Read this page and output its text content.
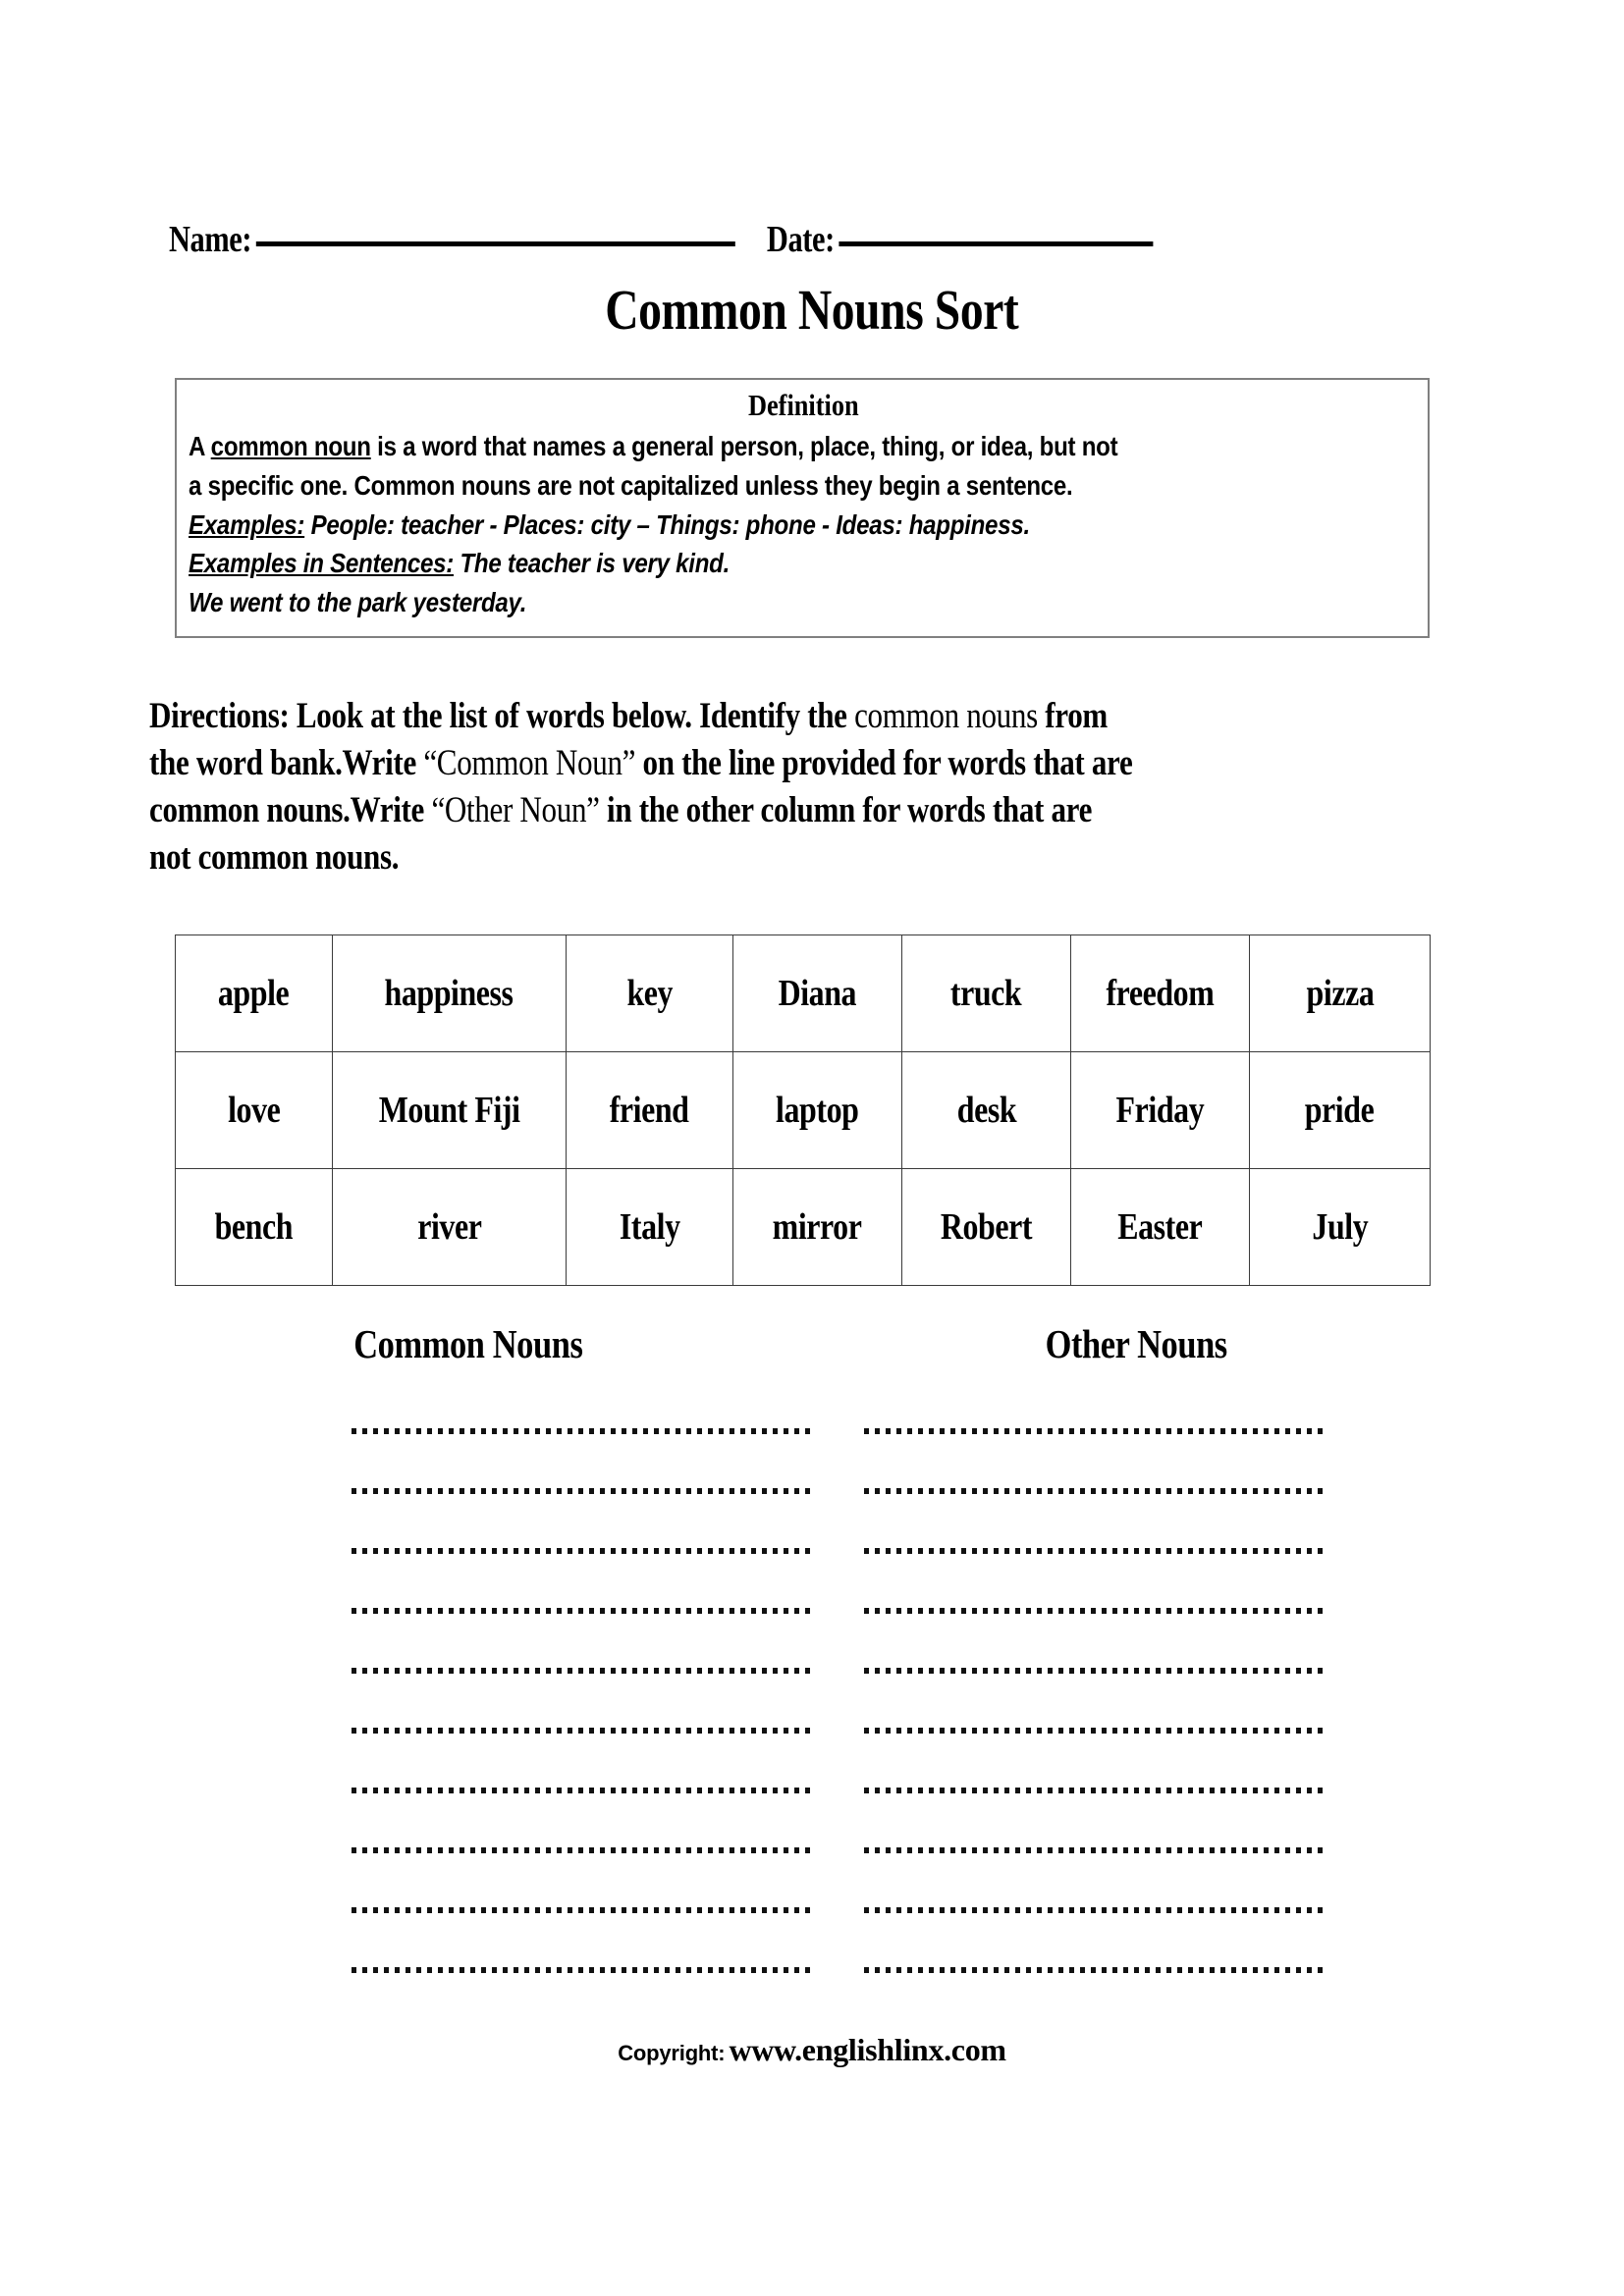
Name:	Date:
Common Nouns Sort
Definition
A common noun is a word that names a general person, place, thing, or idea, but not
a specific one. Common nouns are not capitalized unless they begin a sentence.
Examples: People: teacher - Places: city – Things: phone - Ideas: happiness.
Examples in Sentences: The teacher is very kind.
We went to the park yesterday.
Directions: Look at the list of words below. Identify the common nouns from
the word bank.Write “Common Noun” on the line provided for words that are
common nouns.Write “Other Noun” in the other column for words that are
not common nouns.
apple	happiness	key	Diana	truck	freedom	pizza
love	Mount Fiji	friend	laptop	desk	Friday	pride
bench	river	Italy	mirror	Robert	Easter	July
Common Nouns	Other Nouns
Copyright: www.englishlinx.com
